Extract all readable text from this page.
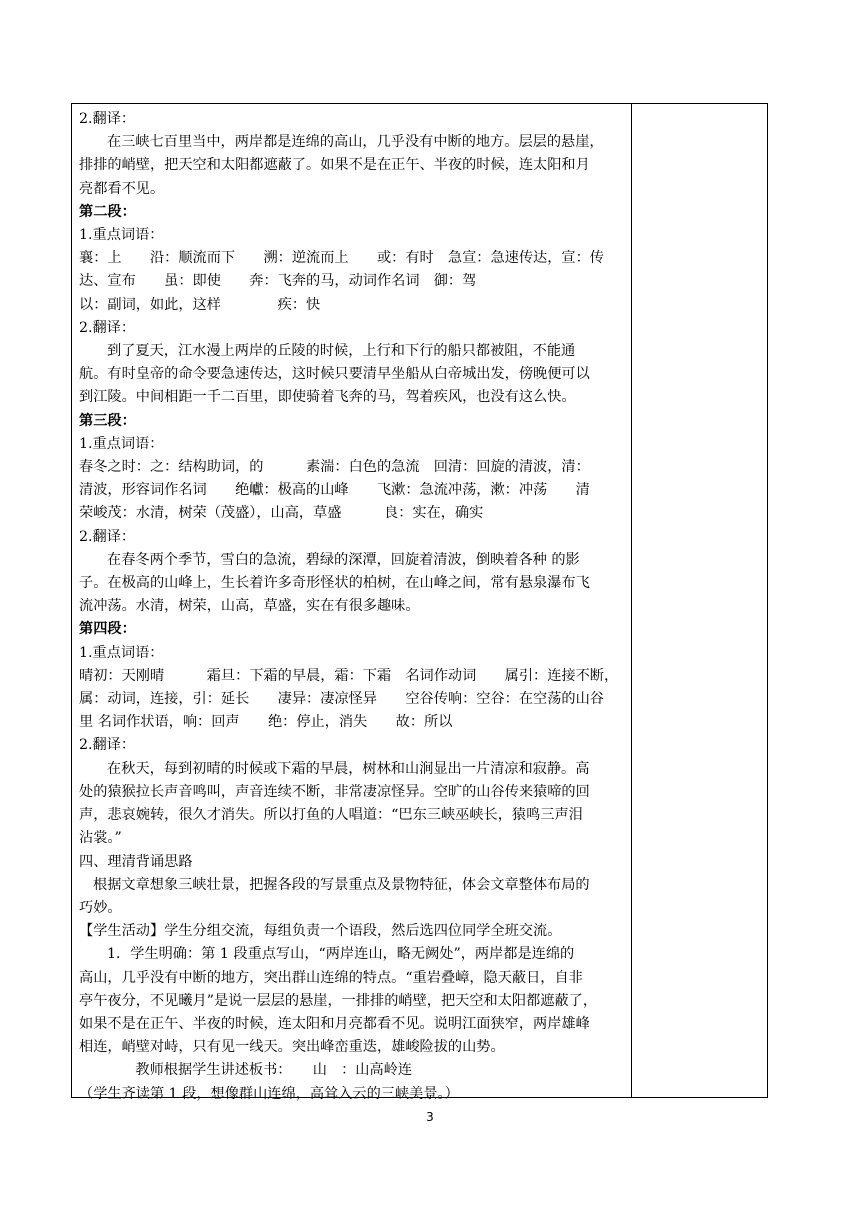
2.翻译：

在三峡七百里当中，两岸都是连绵的高山，几乎没有中断的地方。层层的悬崖，

排排的峭壁，把天空和太阳都遮蔽了。如果不是在正午、半夜的时候，连太阳和月

亮都看不见。

第二段：

1.重点词语：

襄：上　　沿：顺流而下　　溯：逆流而上　　或：有时　急宣：急速传达，宣：传

达、宣布　　虽：即使　　奔：飞奔的马，动词作名词　御：驾

以：副词，如此，这样　　　　疾：快

2.翻译：

到了夏天，江水漫上两岸的丘陵的时候，上行和下行的船只都被阻，不能通

航。有时皇帝的命令要急速传达，这时候只要清早坐船从白帝城出发，傍晚便可以

到江陵。中间相距一千二百里，即使骑着飞奔的马，驾着疾风，也没有这么快。

第三段：

1.重点词语：

春冬之时：之：结构助词，的　　　素湍：白色的急流　回清：回旋的清波，清：

清波，形容词作名词　　绝巘：极高的山峰　　飞漱：急流冲荡，漱：冲荡　　清

荣峻茂：水清，树荣（茂盛），山高，草盛　　　良：实在，确实

2.翻译：

在春冬两个季节，雪白的急流，碧绿的深潭，回旋着清波，倒映着各种 的影

子。在极高的山峰上，生长着许多奇形怪状的柏树，在山峰之间，常有悬泉瀑布飞

流冲荡。水清，树荣，山高，草盛，实在有很多趣味。

第四段：

1.重点词语：

晴初：天刚晴　　　霜旦：下霜的早晨，霜：下霜　名词作动词　　属引：连接不断，

属：动词，连接，引：延长　　凄异：凄凉怪异　　空谷传响：空谷：在空荡的山谷

里 名词作状语，响：回声　　绝：停止，消失　　故：所以

2.翻译：

在秋天，每到初晴的时候或下霜的早晨，树林和山涧显出一片清凉和寂静。高

处的猿猴拉长声音鸣叫，声音连续不断，非常凄凉怪异。空旷的山谷传来猿啼的回

声，悲哀婉转，很久才消失。所以打鱼的人唱道：“巴东三峡巫峡长，猿鸣三声泪

沾裳。”

四、理清背诵思路

根据文章想象三峡壮景，把握各段的写景重点及景物特征，体会文章整体布局的

巧妙。

【学生活动】学生分组交流，每组负责一个语段，然后选四位同学全班交流。

1．学生明确：第 1 段重点写山，“两岸连山，略无阙处”，两岸都是连绵的

高山，几乎没有中断的地方，突出群山连绵的特点。“重岩叠嶂，隐天蔽日，自非

亭午夜分，不见曦月”是说一层层的悬崖，一排排的峭壁，把天空和太阳都遮蔽了，

如果不是在正午、半夜的时候，连太阳和月亮都看不见。说明江面狭窄，两岸雄峰

相连，峭壁对峙，只有见一线天。突出峰峦重迭，雄峻险拔的山势。

　　教师根据学生讲述板书：　　山　：山高岭连

（学生齐读第 1 段，想像群山连绵，高耸入云的三峡美景。）

3
